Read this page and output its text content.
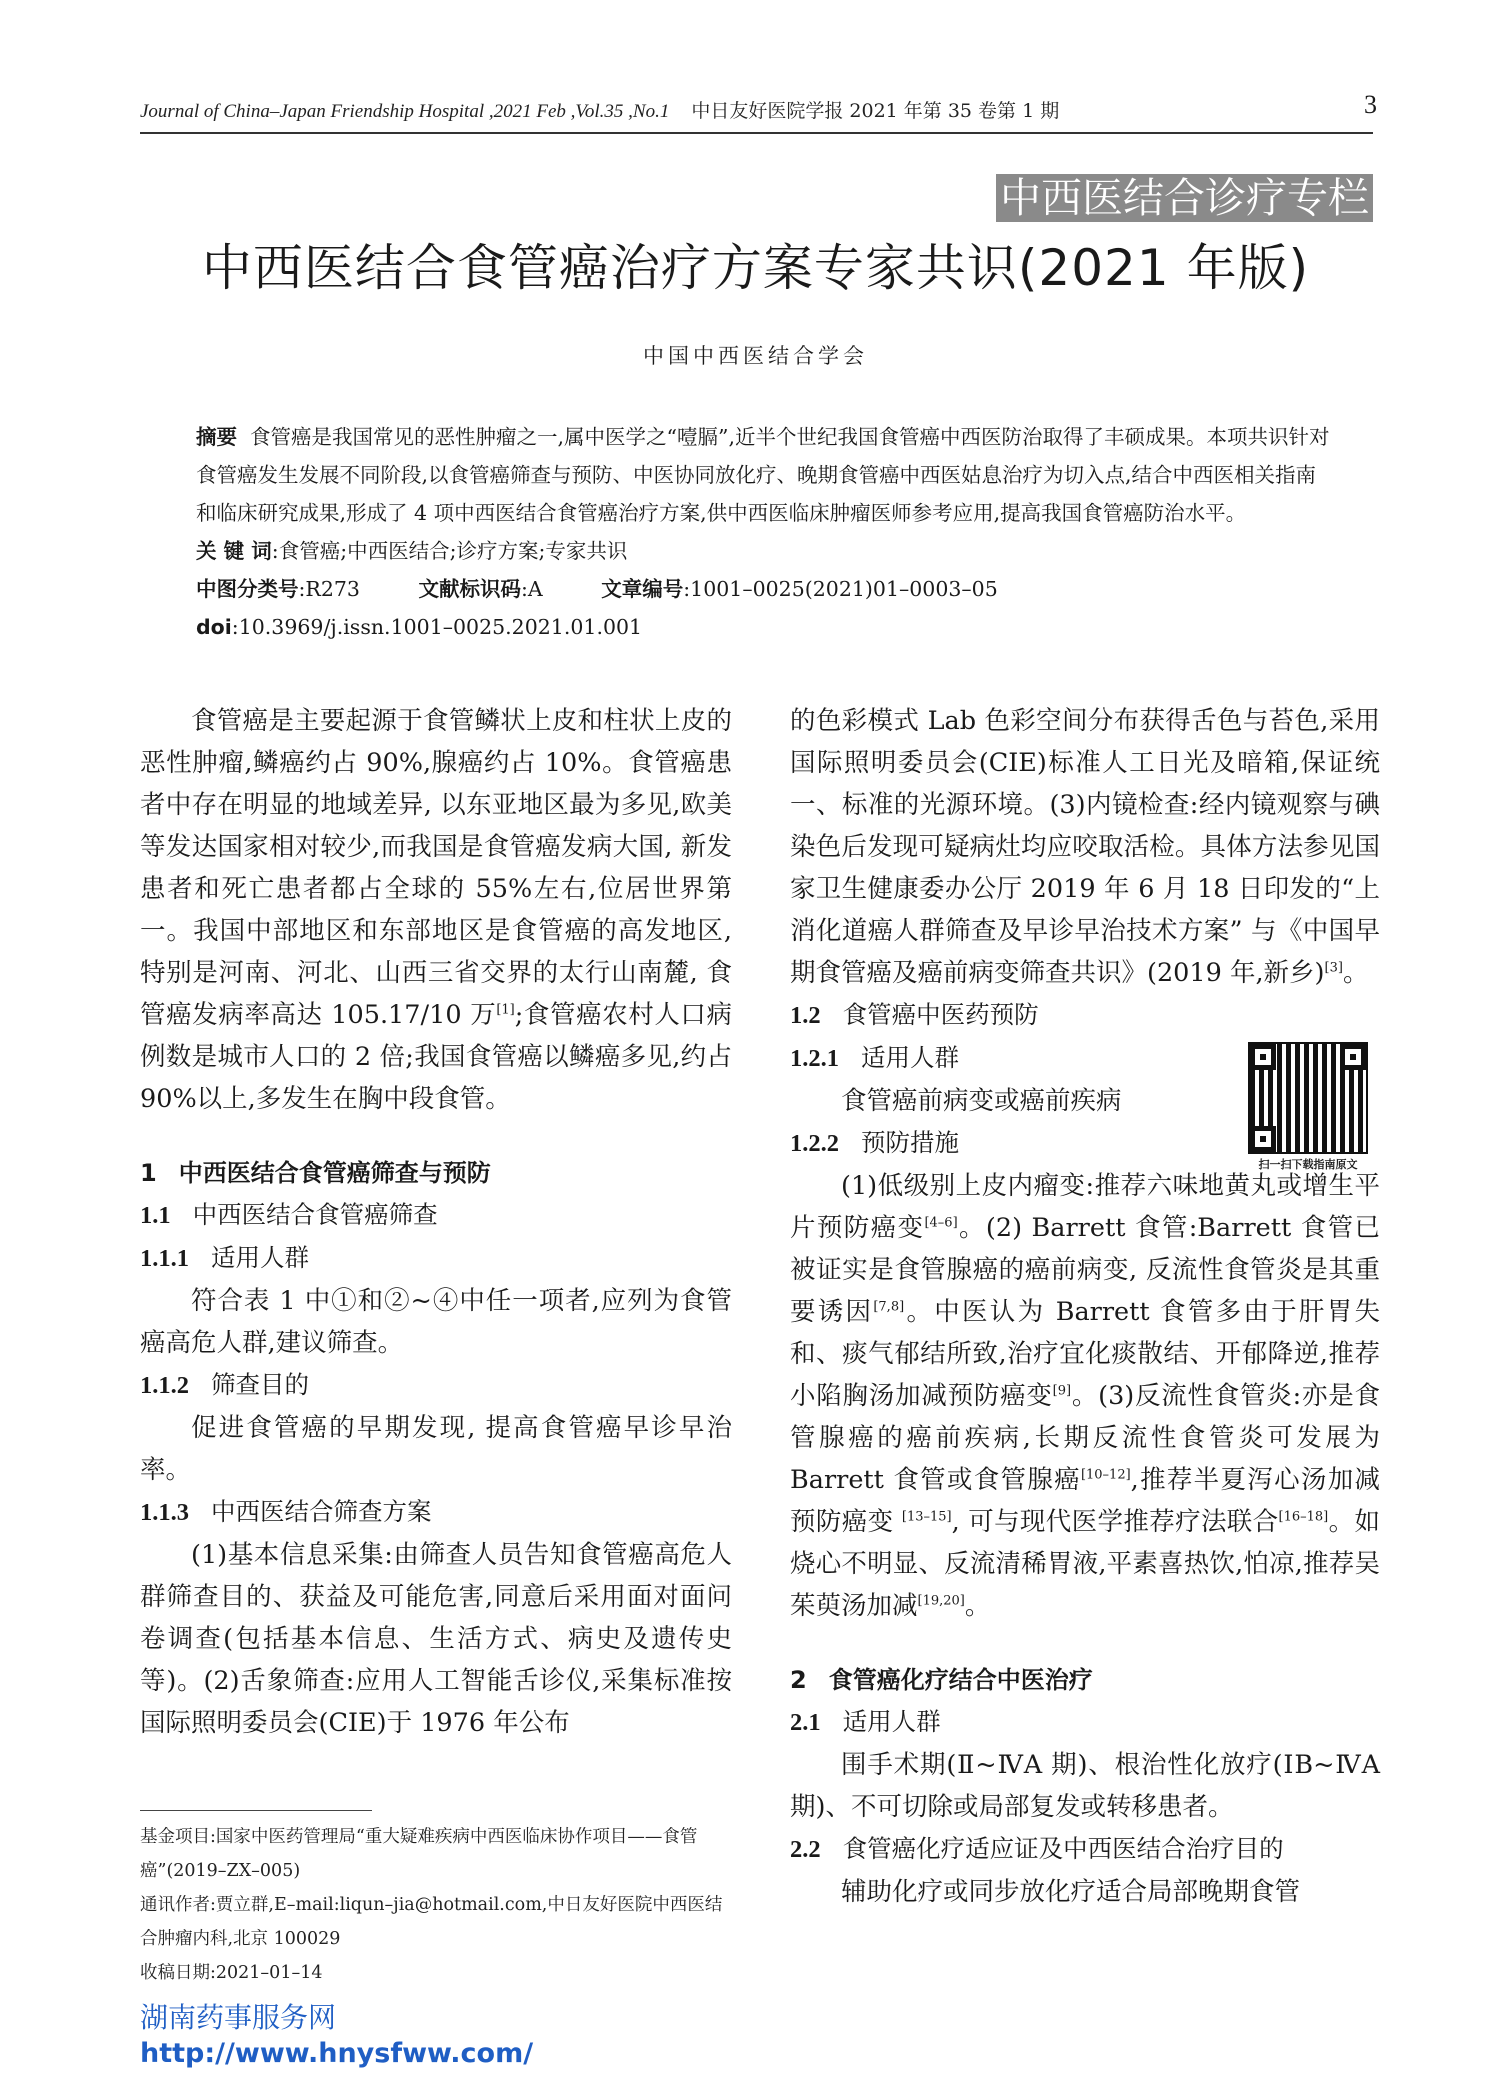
Journal of China–Japan Friendship Hospital ,2021 Feb ,Vol.35 ,No.1 中日友好医院学报 2021 年第 35 卷第 1 期	3
中西医结合诊疗专栏
中西医结合食管癌治疗方案专家共识(2021 年版)
中国中西医结合学会

摘要 食管癌是我国常见的恶性肿瘤之一,属中医学之“噎膈”,近半个世纪我国食管癌中西医防治取得了丰硕成果。本项共识针对食管癌发生发展不同阶段,以食管癌筛查与预防、中医协同放化疗、晚期食管癌中西医姑息治疗为切入点,结合中西医相关指南和临床研究成果,形成了 4 项中西医结合食管癌治疗方案,供中西医临床肿瘤医师参考应用,提高我国食管癌防治水平。

关 键 词:食管癌;中西医结合;诊疗方案;专家共识

中图分类号:R273	文献标识码:A	文章编号:1001–0025(2021)01–0003–05

doi:10.3969/j.issn.1001–0025.2021.01.001

食管癌是主要起源于食管鳞状上皮和柱状上皮的恶性肿瘤,鳞癌约占 90%,腺癌约占 10%。食管癌患者中存在明显的地域差异, 以东亚地区最为多见,欧美等发达国家相对较少,而我国是食管癌发病大国, 新发患者和死亡患者都占全球的 55%左右,位居世界第一。我国中部地区和东部地区是食管癌的高发地区,特别是河南、河北、山西三省交界的太行山南麓, 食管癌发病率高达 105.17/10 万[1];食管癌农村人口病例数是城市人口的 2 倍;我国食管癌以鳞癌多见,约占 90%以上,多发生在胸中段食管。

1 中西医结合食管癌筛查与预防

1.1 中西医结合食管癌筛查

1.1.1 适用人群

符合表 1 中①和②~④中任一项者,应列为食管癌高危人群,建议筛查。

1.1.2 筛查目的

促进食管癌的早期发现, 提高食管癌早诊早治率。

1.1.3 中西医结合筛查方案

(1)基本信息采集:由筛查人员告知食管癌高危人群筛查目的、获益及可能危害,同意后采用面对面问卷调查(包括基本信息、生活方式、病史及遗传史等)。(2)舌象筛查:应用人工智能舌诊仪,采集标准按国际照明委员会(CIE)于 1976 年公布

的色彩模式 Lab 色彩空间分布获得舌色与苔色,采用国际照明委员会(CIE)标准人工日光及暗箱,保证统一、标准的光源环境。(3)内镜检查:经内镜观察与碘染色后发现可疑病灶均应咬取活检。具体方法参见国家卫生健康委办公厅 2019 年 6 月 18 日印发的“上消化道癌人群筛查及早诊早治技术方案” 与《中国早期食管癌及癌前病变筛查共识》(2019 年,新乡)[3]。

1.2 食管癌中医药预防

1.2.1 适用人群

食管癌前病变或癌前疾病

1.2.2 预防措施

(1)低级别上皮内瘤变:推荐六味地黄丸或增生平片预防癌变[4–6]。(2) Barrett 食管:Barrett 食管已被证实是食管腺癌的癌前病变, 反流性食管炎是其重要诱因[7,8]。中医认为 Barrett 食管多由于肝胃失和、痰气郁结所致,治疗宜化痰散结、开郁降逆,推荐小陷胸汤加减预防癌变[9]。(3)反流性食管炎:亦是食管腺癌的癌前疾病,长期反流性食管炎可发展为 Barrett 食管或食管腺癌[10–12],推荐半夏泻心汤加减预防癌变 [13–15], 可与现代医学推荐疗法联合[16–18]。如烧心不明显、反流清稀胃液,平素喜热饮,怕凉,推荐吴茱萸汤加减[19,20]。

2 食管癌化疗结合中医治疗

2.1 适用人群

围手术期(Ⅱ~ⅣA 期)、根治性化放疗(ⅠB~ⅣA 期)、不可切除或局部复发或转移患者。

2.2 食管癌化疗适应证及中西医结合治疗目的

辅助化疗或同步放化疗适合局部晚期食管

扫一扫下载指南原文

基金项目:国家中医药管理局“重大疑难疾病中西医临床协作项目——食管癌”(2019–ZX–005)

通讯作者:贾立群,E–mail:liqun–jia@hotmail.com,中日友好医院中西医结合肿瘤内科,北京 100029

收稿日期:2021–01–14

湖南药事服务网
http://www.hnysfww.com/
